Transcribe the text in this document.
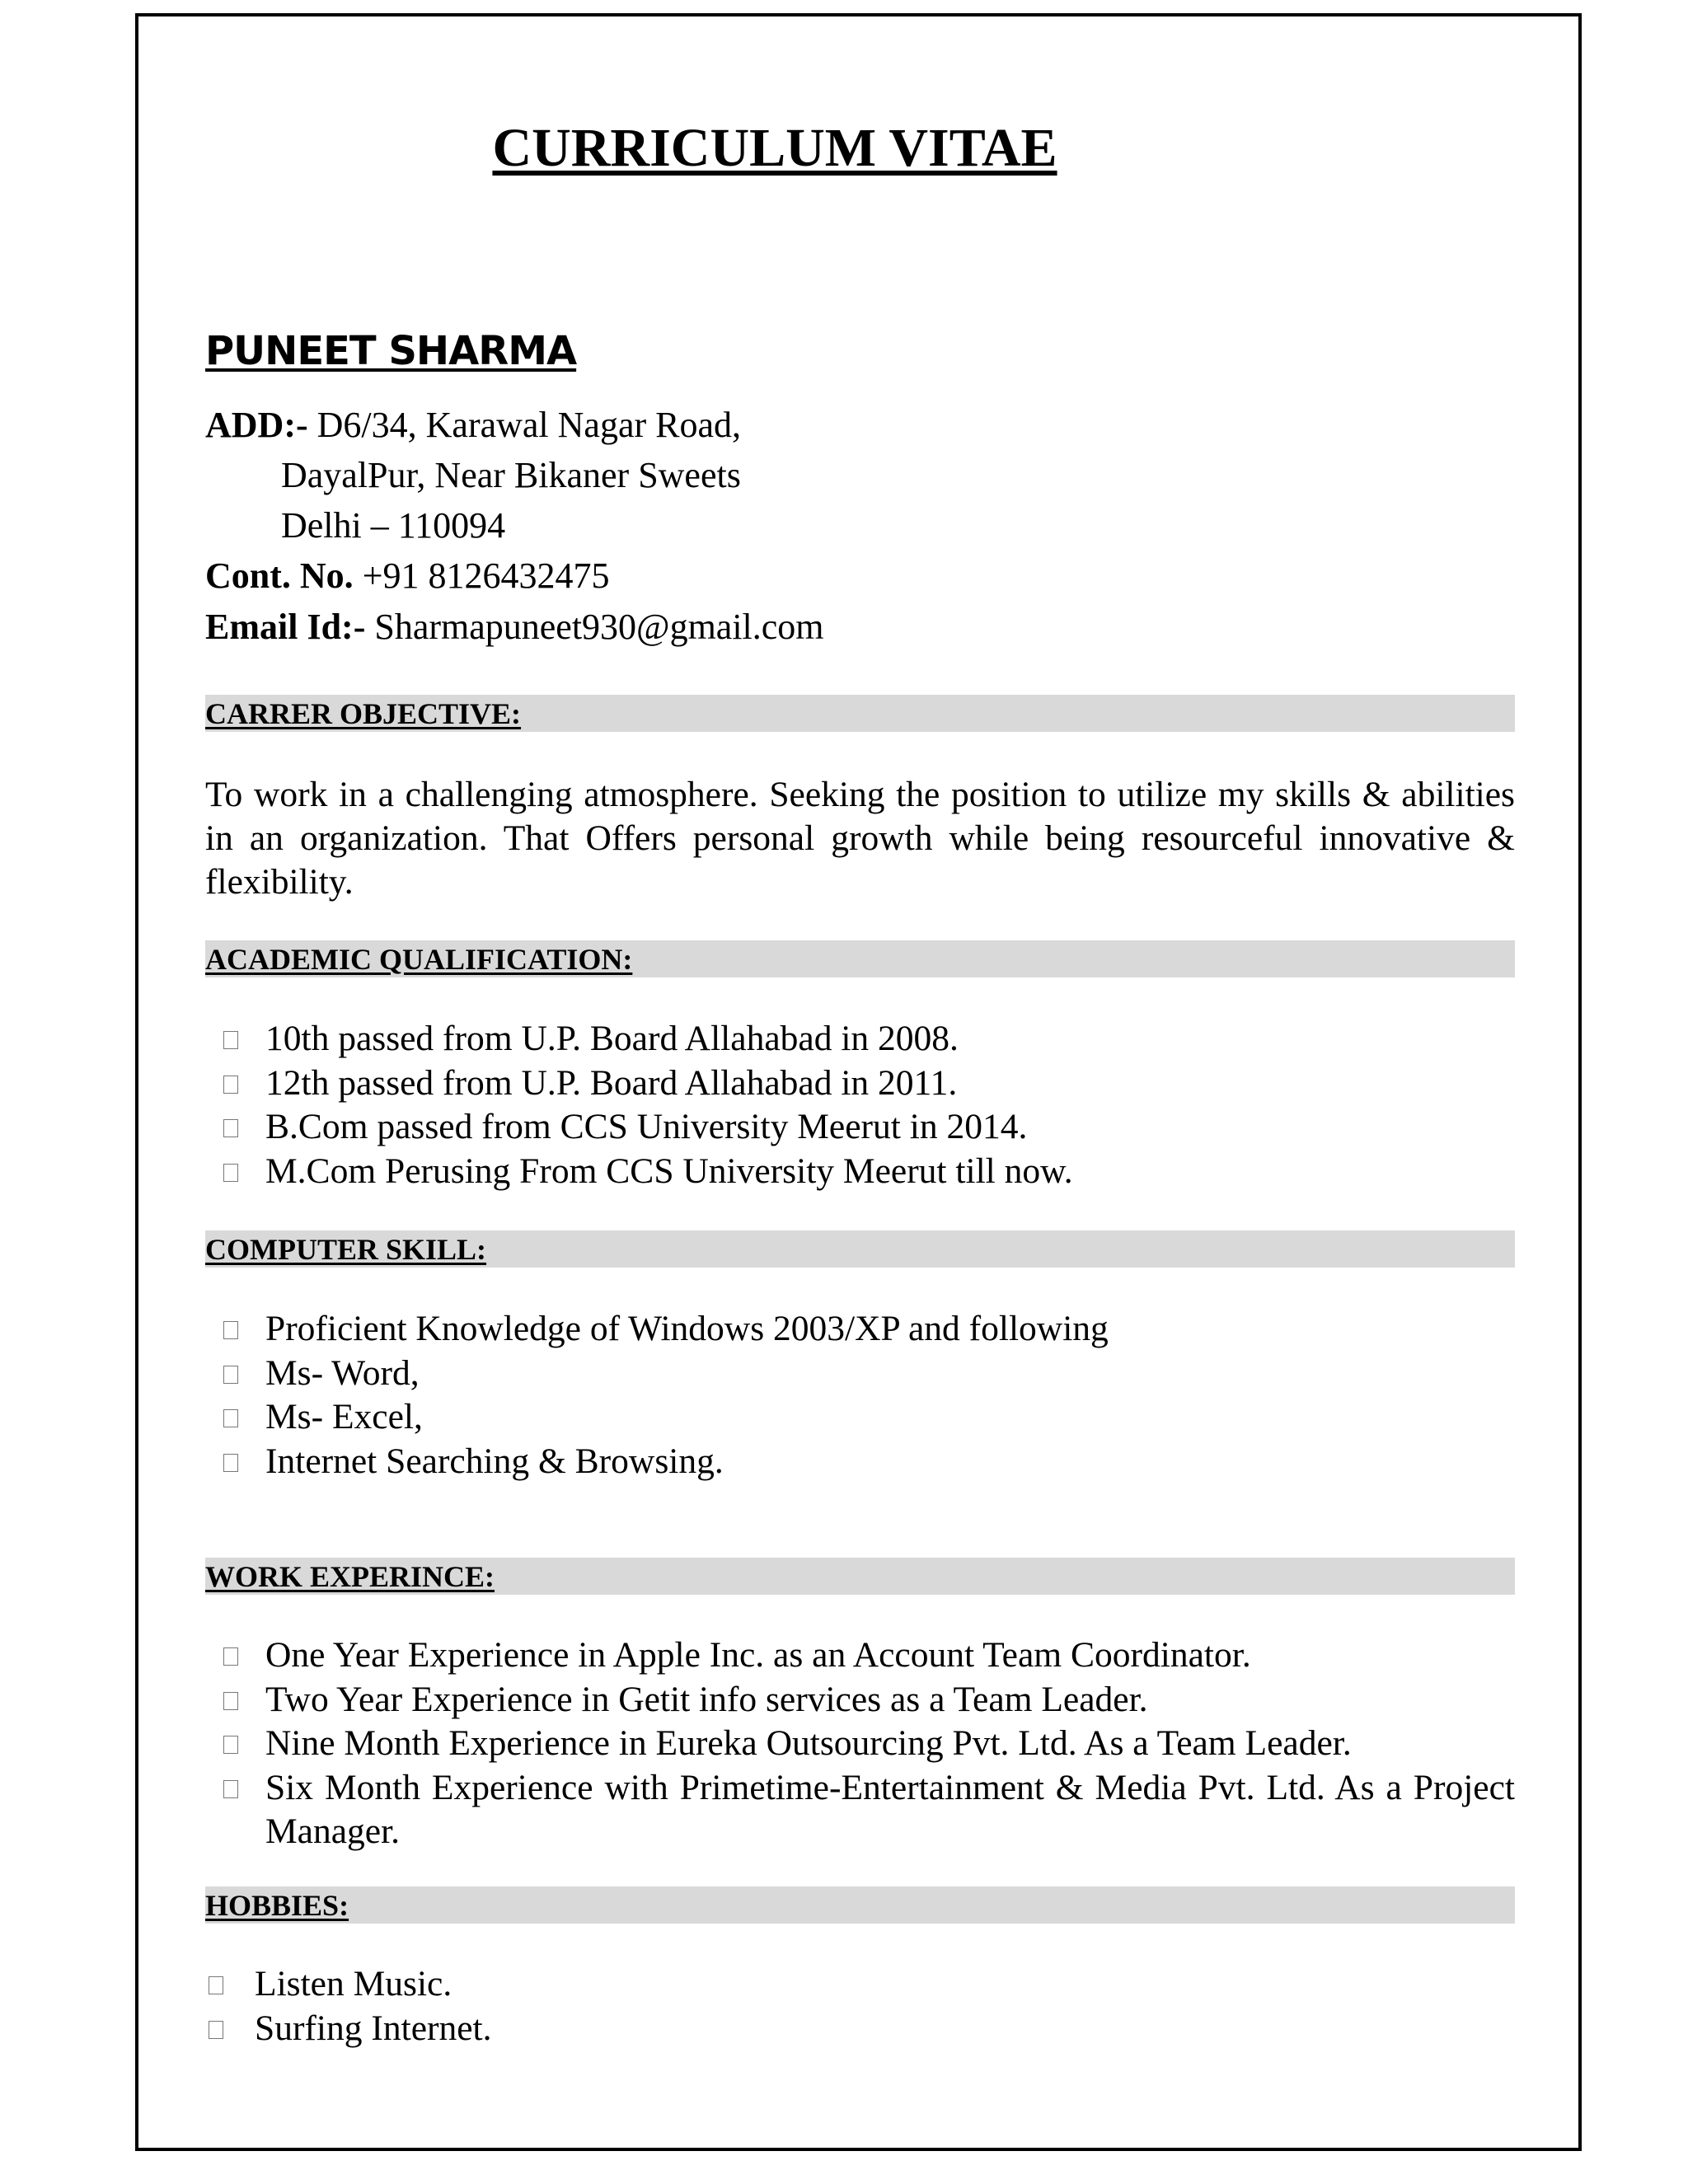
CURRICULUM VITAE
PUNEET SHARMA
ADD:- D6/34, Karawal Nagar Road,
DayalPur, Near Bikaner Sweets
Delhi – 110094
Cont. No. +91 8126432475
Email Id:- Sharmapuneet930@gmail.com
CARRER OBJECTIVE:
To work in a challenging atmosphere. Seeking the position to utilize my skills & abilities in an organization. That Offers personal growth while being resourceful innovative & flexibility.
ACADEMIC QUALIFICATION:
10th passed from U.P. Board Allahabad in 2008.
12th passed from U.P. Board Allahabad in 2011.
B.Com passed from CCS University Meerut in 2014.
M.Com Perusing From CCS University Meerut till now.
COMPUTER SKILL:
Proficient Knowledge of Windows 2003/XP and following
Ms- Word,
Ms- Excel,
Internet Searching & Browsing.
WORK EXPERINCE:
One Year Experience in Apple Inc. as an Account Team Coordinator.
Two Year Experience in Getit info services as a Team Leader.
Nine Month Experience in Eureka Outsourcing Pvt. Ltd. As a Team Leader.
Six Month Experience with Primetime-Entertainment & Media Pvt. Ltd. As a Project Manager.
HOBBIES:
Listen Music.
Surfing Internet.
